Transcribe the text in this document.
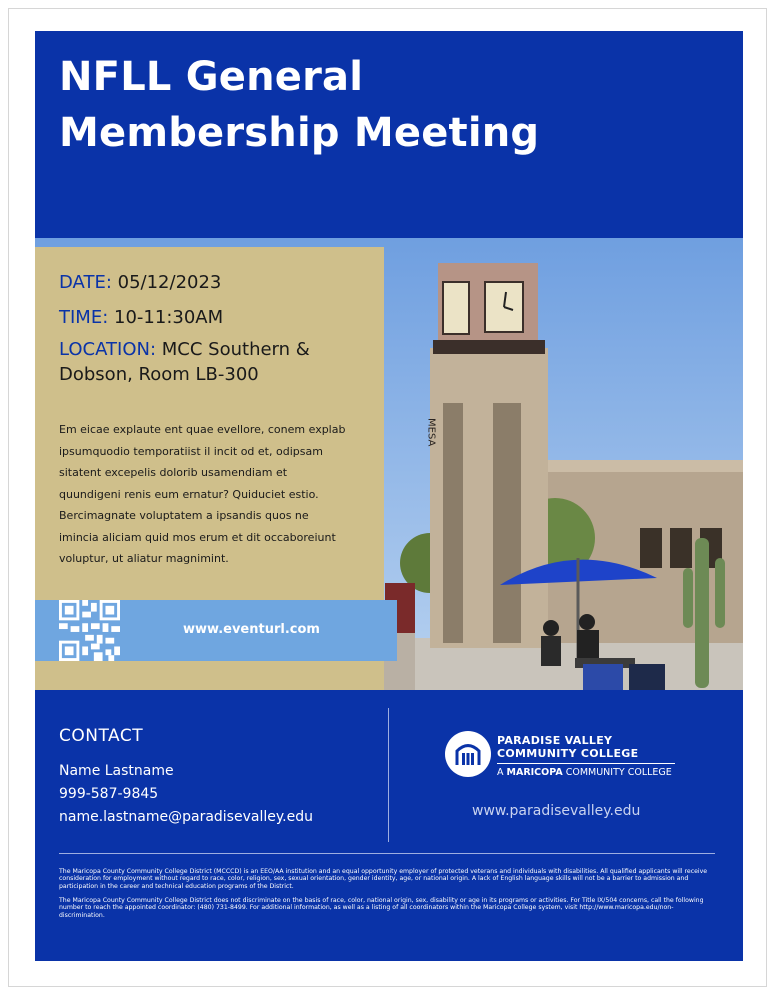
NFLL General
Membership Meeting
MESA
DATE: 05/12/2023
TIME: 10-11:30AM
LOCATION: MCC Southern &
Dobson, Room LB-300
Em eicae explaute ent quae evellore, conem explab ipsumquodio temporatiist il incit od et, odipsam sitatent excepelis dolorib usamendiam et quundigeni renis eum ernatur? Quiduciet estio. Bercimagnate voluptatem a ipsandis quos ne imincia aliciam quid mos erum et dit occaboreiunt voluptur, ut aliatur magnimint.
www.eventurl.com
CONTACT
Name Lastname
999-587-9845
name.lastname@paradisevalley.edu
PARADISE VALLEY
COMMUNITY COLLEGE
A MARICOPA COMMUNITY COLLEGE
www.paradisevalley.edu
The Maricopa County Community College District (MCCCD) is an EEO/AA institution and an equal opportunity employer of protected veterans and individuals with disabilities. All qualified applicants will receive consideration for employment without regard to race, color, religion, sex, sexual orientation, gender identity, age, or national origin. A lack of English language skills will not be a barrier to admission and participation in the career and technical education programs of the District.
The Maricopa County Community College District does not discriminate on the basis of race, color, national origin, sex, disability or age in its programs or activities. For Title IX/504 concerns, call the following number to reach the appointed coordinator: (480) 731-8499. For additional information, as well as a listing of all coordinators within the Maricopa College system, visit http://www.maricopa.edu/non-discrimination.
